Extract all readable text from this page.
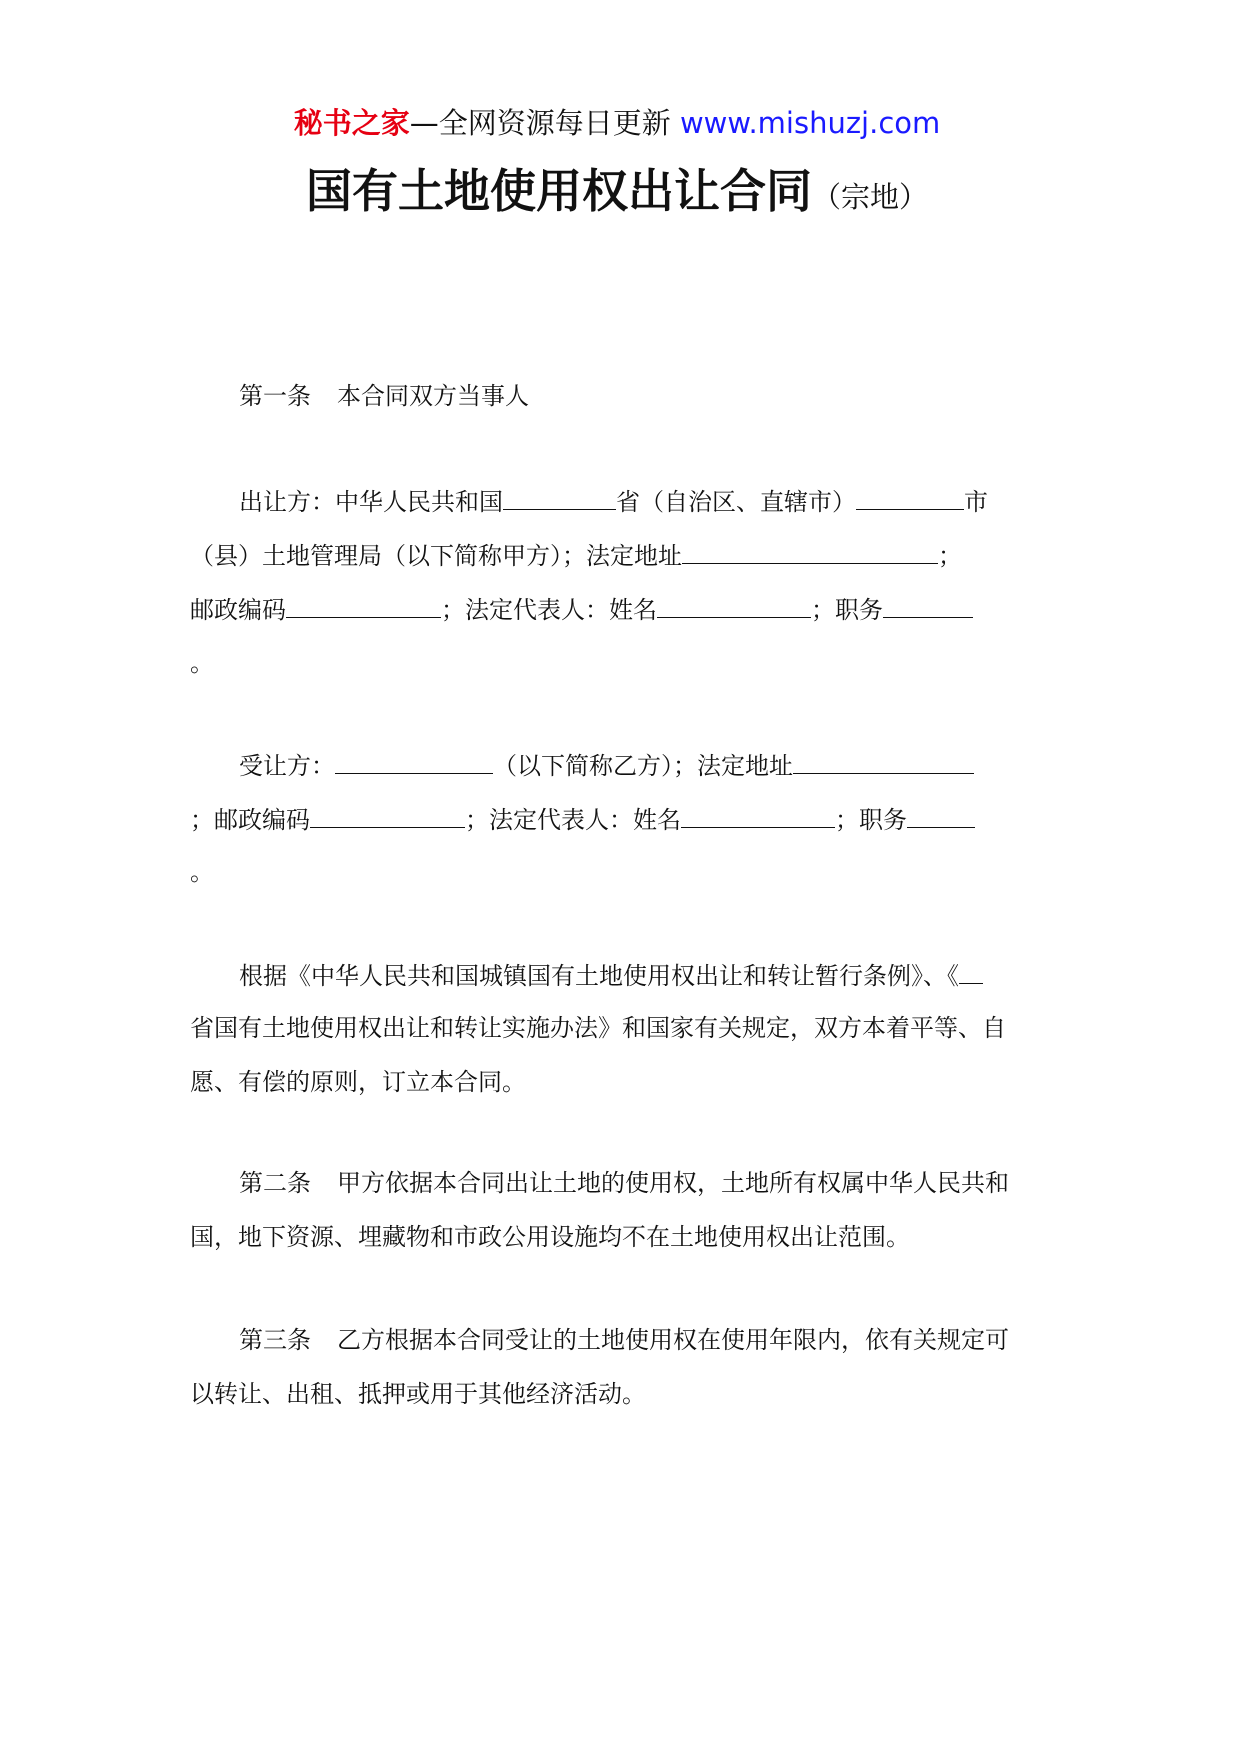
秘书之家—全网资源每日更新 www.mishuzj.com
国有土地使用权出让合同（宗地）
第一条 本合同双方当事人
出让方：中华人民共和国	省（自治区、直辖市）	市
（县）土地管理局（以下简称甲方）；法定地址	；
邮政编码	；法定代表人：姓名	；职务
。
受让方：	（以下简称乙方）；法定地址
；邮政编码	；法定代表人：姓名	；职务
。
根据《中华人民共和国城镇国有土地使用权出让和转让暂行条例》、《
省国有土地使用权出让和转让实施办法》和国家有关规定，双方本着平等、自
愿、有偿的原则，订立本合同。
第二条 甲方依据本合同出让土地的使用权，土地所有权属中华人民共和
国，地下资源、埋藏物和市政公用设施均不在土地使用权出让范围。
第三条 乙方根据本合同受让的土地使用权在使用年限内，依有关规定可
以转让、出租、抵押或用于其他经济活动。
